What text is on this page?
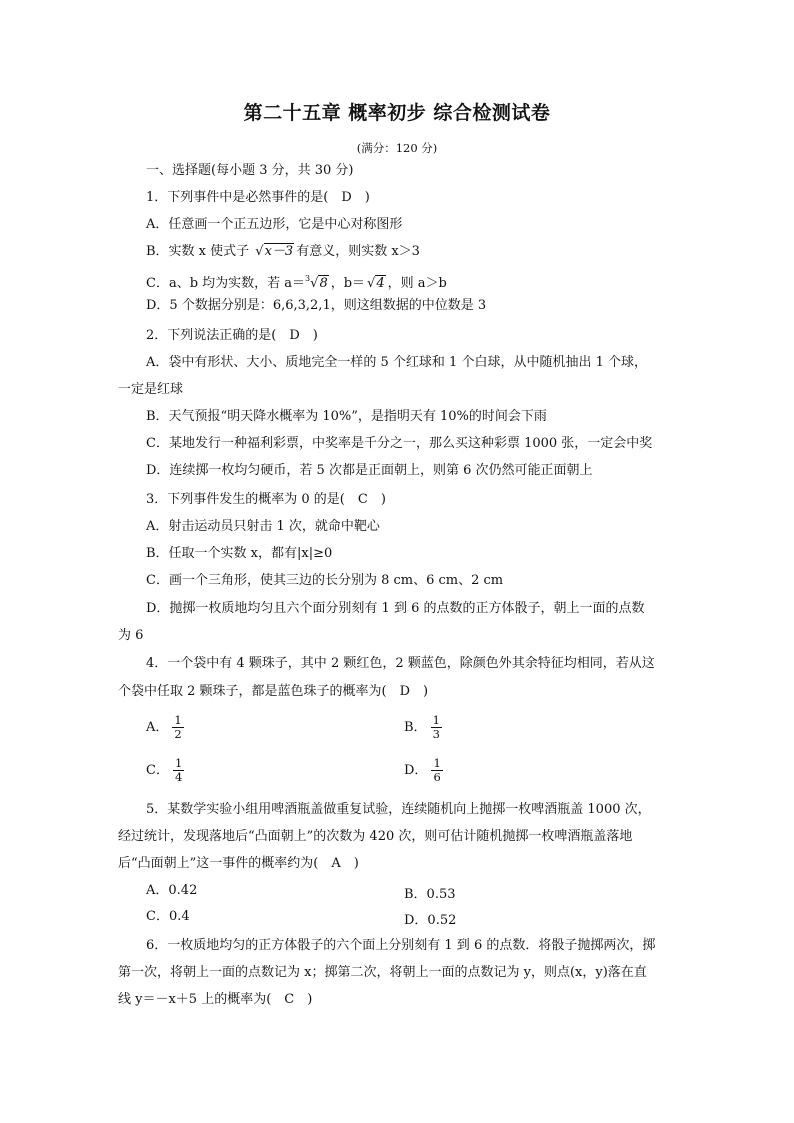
第二十五章 概率初步 综合检测试卷
(满分：120 分)
一、选择题(每小题 3 分，共 30 分)
1．下列事件中是必然事件的是(　D　)
A．任意画一个正五边形，它是中心对称图形
B．实数 x 使式子 √x－3 有意义，则实数 x＞3
C．a、b 均为实数，若 a＝$^3$√8 ，b＝ √4 ，则 a＞b
D．5 个数据分别是：6,6,3,2,1，则这组数据的中位数是 3
2．下列说法正确的是(　D　)
A．袋中有形状、大小、质地完全一样的 5 个红球和 1 个白球，从中随机抽出 1 个球，
一定是红球
B．天气预报“明天降水概率为 10%”，是指明天有 10%的时间会下雨
C．某地发行一种福利彩票，中奖率是千分之一，那么买这种彩票 1000 张，一定会中奖
D．连续掷一枚均匀硬币，若 5 次都是正面朝上，则第 6 次仍然可能正面朝上
3．下列事件发生的概率为 0 的是(　C　)
A．射击运动员只射击 1 次，就命中靶心
B．任取一个实数 x，都有|x|≥0
C．画一个三角形，使其三边的长分别为 8 cm、6 cm、2 cm
D．抛掷一枚质地均匀且六个面分别刻有 1 到 6 的点数的正方体骰子，朝上一面的点数
为 6
4．一个袋中有 4 颗珠子，其中 2 颗红色，2 颗蓝色，除颜色外其余特征均相同，若从这
个袋中任取 2 颗珠子，都是蓝色珠子的概率为(　D　)
A． $\frac{1}{2}$	B． $\frac{1}{3}$
C． $\frac{1}{4}$	D． $\frac{1}{6}$
5．某数学实验小组用啤酒瓶盖做重复试验，连续随机向上抛掷一枚啤酒瓶盖 1000 次，
经过统计，发现落地后“凸面朝上”的次数为 420 次，则可估计随机抛掷一枚啤酒瓶盖落地
后“凸面朝上”这一事件的概率约为(　A　)
A．0.42	B．0.53
C．0.4	D．0.52
6．一枚质地均匀的正方体骰子的六个面上分别刻有 1 到 6 的点数．将骰子抛掷两次，掷
第一次，将朝上一面的点数记为 x；掷第二次，将朝上一面的点数记为 y，则点(x，y)落在直
线 y＝－x＋5 上的概率为(　C　)
